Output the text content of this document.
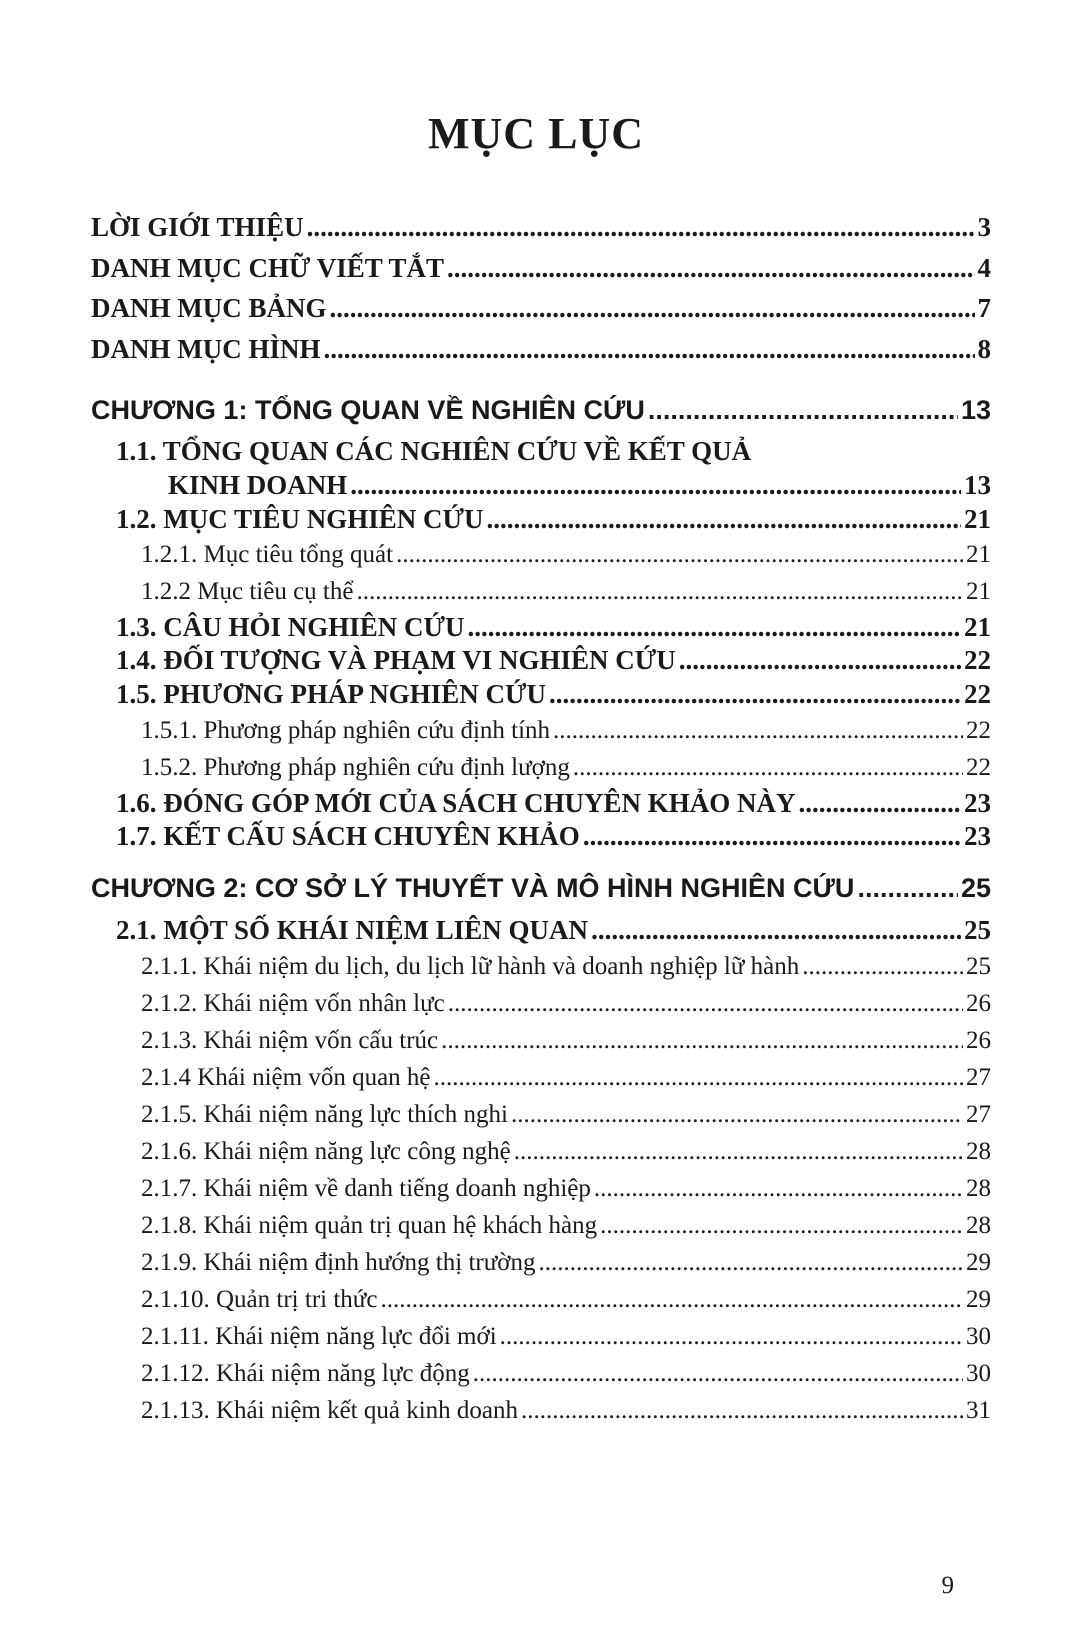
MỤC LỤC
LỜI GIỚI THIỆU .....	3
DANH MỤC CHỮ VIẾT TẮT .....	4
DANH MỤC BẢNG .....	7
DANH MỤC HÌNH .....	8
CHƯƠNG 1: TỔNG QUAN VỀ NGHIÊN CỨU .....	13
1.1. TỔNG QUAN CÁC NGHIÊN CỨU VỀ KẾT QUẢ
KINH DOANH .....	13
1.2. MỤC TIÊU NGHIÊN CỨU .....	21
1.2.1. Mục tiêu tổng quát .....	21
1.2.2 Mục tiêu cụ thể .....	21
1.3. CÂU HỎI NGHIÊN CỨU .....	21
1.4. ĐỐI TƯỢNG VÀ PHẠM VI NGHIÊN CỨU .....	22
1.5. PHƯƠNG PHÁP NGHIÊN CỨU .....	22
1.5.1. Phương pháp nghiên cứu định tính .....	22
1.5.2. Phương pháp nghiên cứu định lượng .....	22
1.6. ĐÓNG GÓP MỚI CỦA SÁCH CHUYÊN KHẢO NÀY .....	23
1.7. KẾT CẤU SÁCH CHUYÊN KHẢO .....	23
CHƯƠNG 2: CƠ SỞ LÝ THUYẾT VÀ MÔ HÌNH NGHIÊN CỨU .....	25
2.1. MỘT SỐ KHÁI NIỆM LIÊN QUAN .....	25
2.1.1. Khái niệm du lịch, du lịch lữ hành và doanh nghiệp lữ hành .....	25
2.1.2. Khái niệm vốn nhân lực .....	26
2.1.3. Khái niệm vốn cấu trúc .....	26
2.1.4 Khái niệm vốn quan hệ .....	27
2.1.5. Khái niệm năng lực thích nghi .....	27
2.1.6. Khái niệm năng lực công nghệ .....	28
2.1.7. Khái niệm về danh tiếng doanh nghiệp .....	28
2.1.8. Khái niệm quản trị quan hệ khách hàng .....	28
2.1.9. Khái niệm định hướng thị trường .....	29
2.1.10. Quản trị tri thức .....	29
2.1.11. Khái niệm năng lực đổi mới .....	30
2.1.12. Khái niệm năng lực động .....	30
2.1.13. Khái niệm kết quả kinh doanh .....	31
9
